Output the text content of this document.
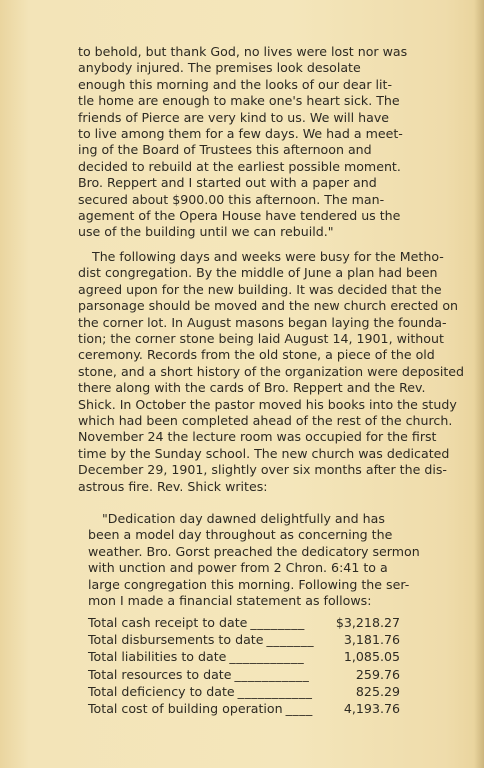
to behold, but thank God, no lives were lost nor was
anybody injured. The premises look desolate
enough this morning and the looks of our dear lit-
tle home are enough to make one's heart sick. The
friends of Pierce are very kind to us. We will have
to live among them for a few days. We had a meet-
ing of the Board of Trustees this afternoon and
decided to rebuild at the earliest possible moment.
Bro. Reppert and I started out with a paper and
secured about $900.00 this afternoon. The man-
agement of the Opera House have tendered us the
use of the building until we can rebuild."
The following days and weeks were busy for the Metho-
dist congregation. By the middle of June a plan had been
agreed upon for the new building. It was decided that the
parsonage should be moved and the new church erected on
the corner lot. In August masons began laying the founda-
tion; the corner stone being laid August 14, 1901, without
ceremony. Records from the old stone, a piece of the old
stone, and a short history of the organization were deposited
there along with the cards of Bro. Reppert and the Rev.
Shick. In October the pastor moved his books into the study
which had been completed ahead of the rest of the church.
November 24 the lecture room was occupied for the first
time by the Sunday school. The new church was dedicated
December 29, 1901, slightly over six months after the dis-
astrous fire. Rev. Shick writes:
"Dedication day dawned delightfully and has
been a model day throughout as concerning the
weather. Bro. Gorst preached the dedicatory sermon
with unction and power from 2 Chron. 6:41 to a
large congregation this morning. Following the ser-
mon I made a financial statement as follows:
Total cash receipt to date ________	$3,218.27
Total disbursements to date _______	3,181.76
Total liabilities to date ___________	1,085.05
Total resources to date ___________	259.76
Total deficiency to date ___________	825.29
Total cost of building operation ____	4,193.76
